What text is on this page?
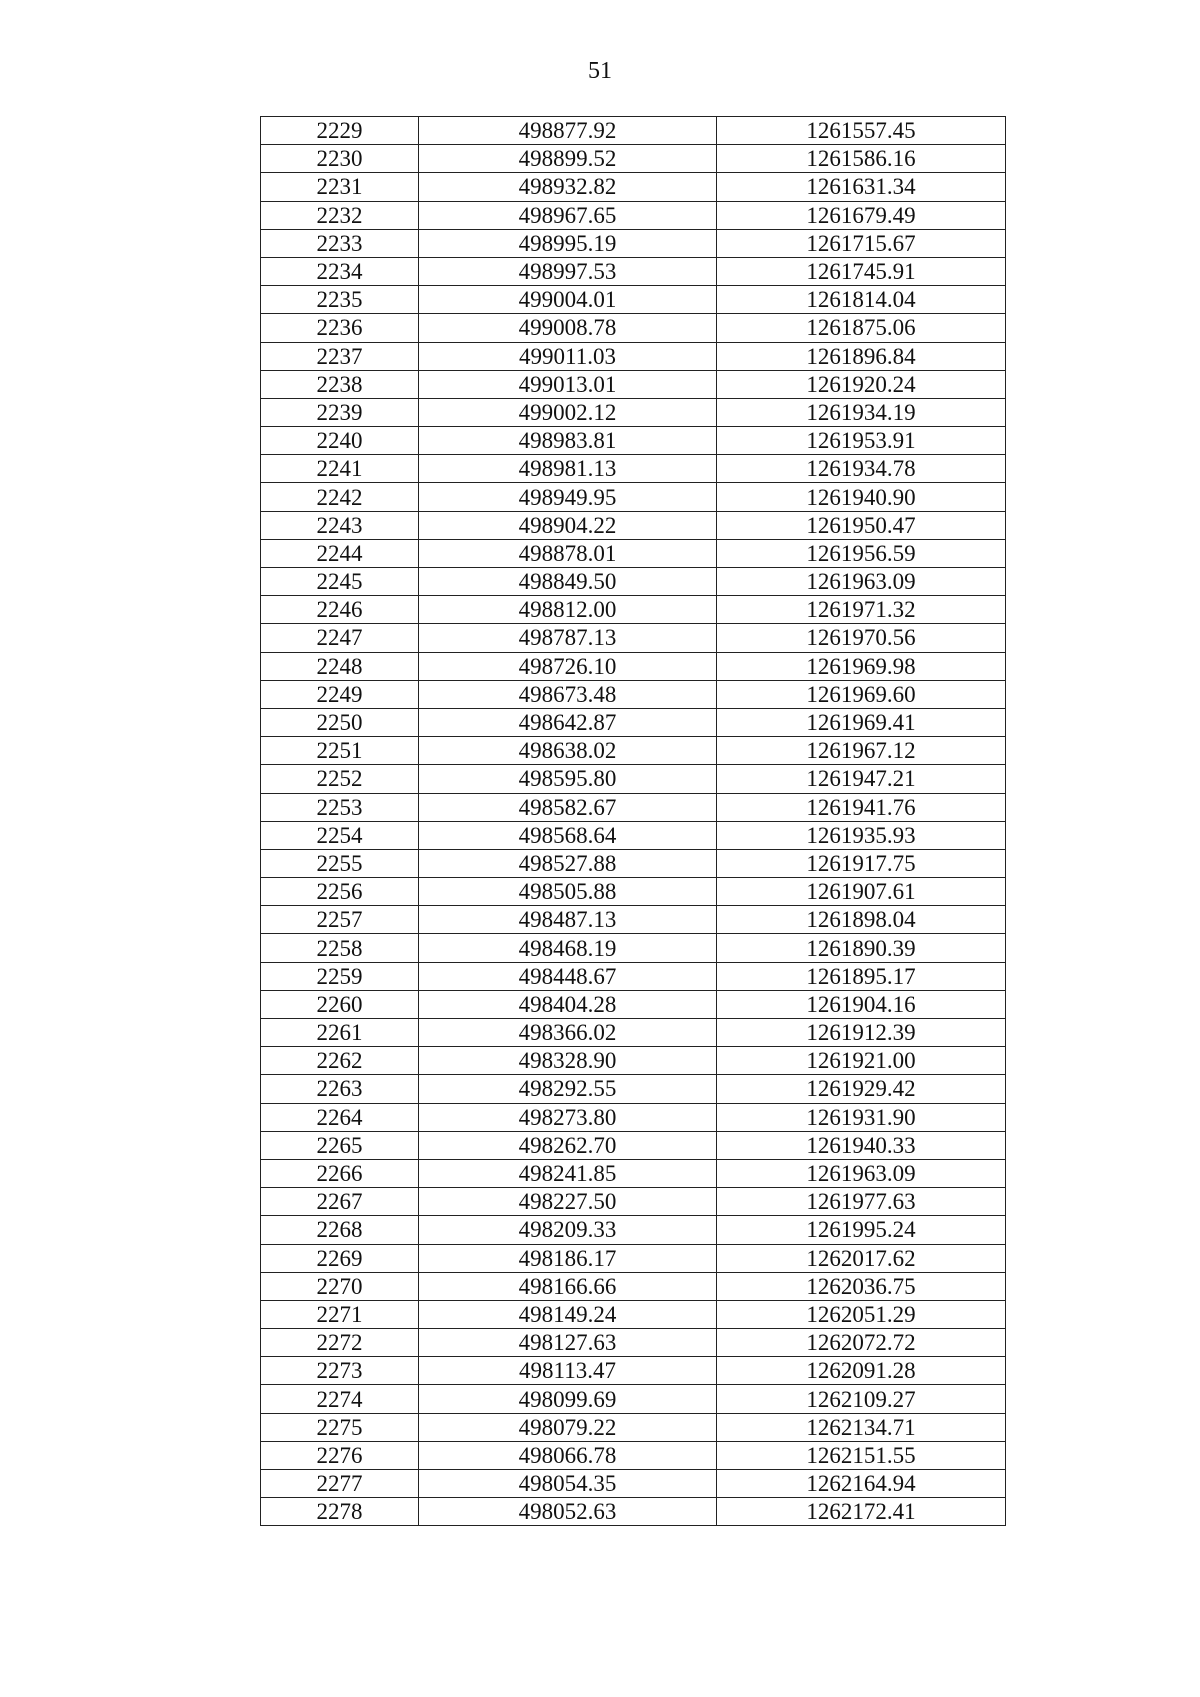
51
2229	498877.92	1261557.45
2230	498899.52	1261586.16
2231	498932.82	1261631.34
2232	498967.65	1261679.49
2233	498995.19	1261715.67
2234	498997.53	1261745.91
2235	499004.01	1261814.04
2236	499008.78	1261875.06
2237	499011.03	1261896.84
2238	499013.01	1261920.24
2239	499002.12	1261934.19
2240	498983.81	1261953.91
2241	498981.13	1261934.78
2242	498949.95	1261940.90
2243	498904.22	1261950.47
2244	498878.01	1261956.59
2245	498849.50	1261963.09
2246	498812.00	1261971.32
2247	498787.13	1261970.56
2248	498726.10	1261969.98
2249	498673.48	1261969.60
2250	498642.87	1261969.41
2251	498638.02	1261967.12
2252	498595.80	1261947.21
2253	498582.67	1261941.76
2254	498568.64	1261935.93
2255	498527.88	1261917.75
2256	498505.88	1261907.61
2257	498487.13	1261898.04
2258	498468.19	1261890.39
2259	498448.67	1261895.17
2260	498404.28	1261904.16
2261	498366.02	1261912.39
2262	498328.90	1261921.00
2263	498292.55	1261929.42
2264	498273.80	1261931.90
2265	498262.70	1261940.33
2266	498241.85	1261963.09
2267	498227.50	1261977.63
2268	498209.33	1261995.24
2269	498186.17	1262017.62
2270	498166.66	1262036.75
2271	498149.24	1262051.29
2272	498127.63	1262072.72
2273	498113.47	1262091.28
2274	498099.69	1262109.27
2275	498079.22	1262134.71
2276	498066.78	1262151.55
2277	498054.35	1262164.94
2278	498052.63	1262172.41
